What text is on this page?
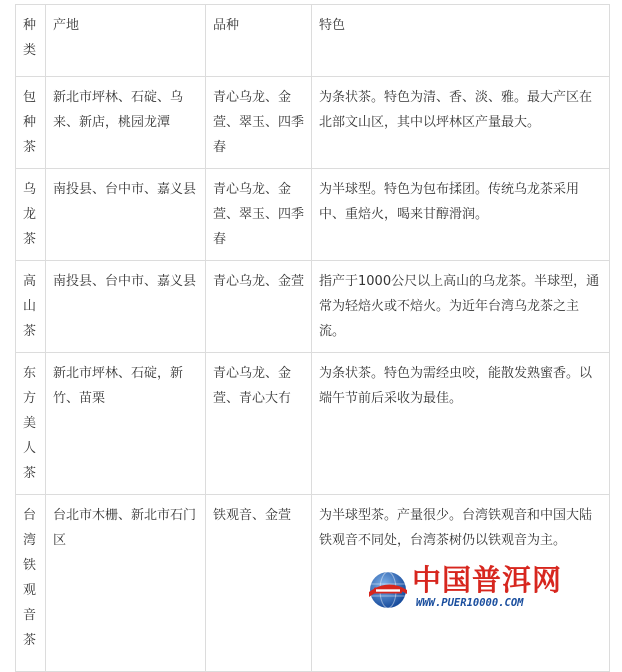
种类	产地	品种	特色
包种茶	新北市坪林、石碇、乌来、新店，桃园龙潭	青心乌龙、金萱、翠玉、四季春	为条状茶。特色为清、香、淡、雅。最大产区在北部文山区，其中以坪林区产量最大。
乌龙茶	南投县、台中市、嘉义县	青心乌龙、金萱、翠玉、四季春	为半球型。特色为包布揉团。传统乌龙茶采用中、重焙火，喝来甘醇滑润。
高山茶	南投县、台中市、嘉义县	青心乌龙、金萱	指产于1000公尺以上高山的乌龙茶。半球型，通常为轻焙火或不焙火。为近年台湾乌龙茶之主流。
东方美人茶	新北市坪林、石碇，新竹、苗栗	青心乌龙、金萱、青心大冇	为条状茶。特色为需经虫咬，能散发熟蜜香。以端午节前后采收为最佳。
台湾铁观音茶	台北市木栅、新北市石门区	铁观音、金萱	为半球型茶。产量很少。台湾铁观音和中国大陆铁观音不同处，台湾茶树仍以铁观音为主。
中国普洱网
WWW.PUER10000.COM
